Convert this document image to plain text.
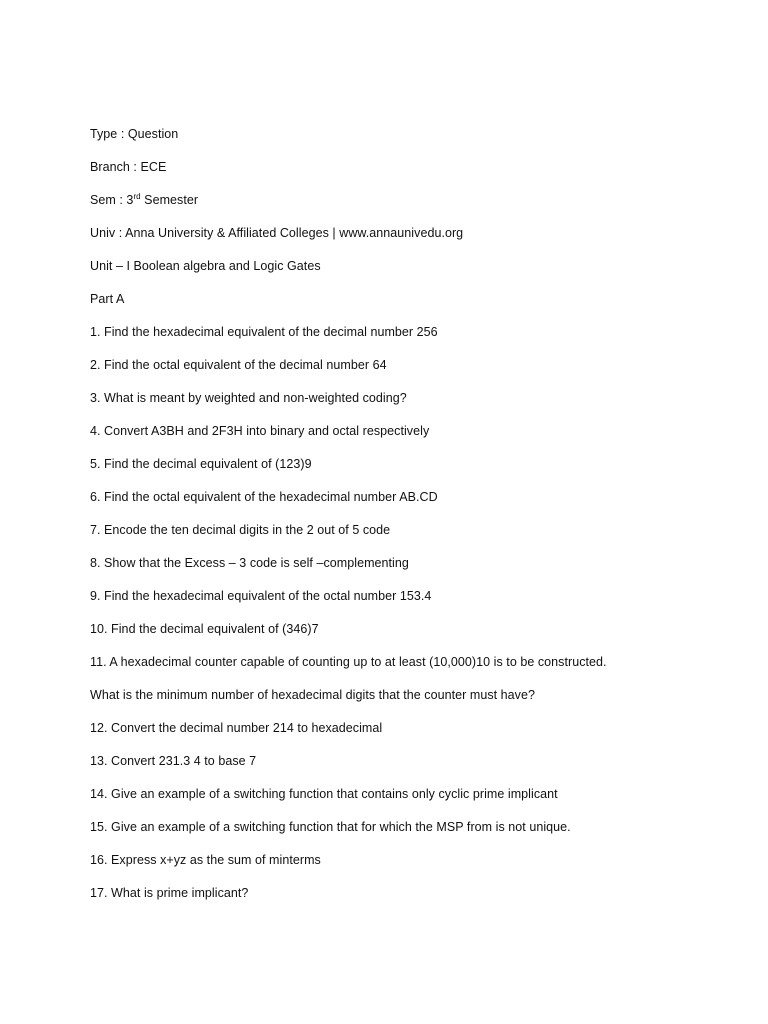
Type : Question
Branch : ECE
Sem : 3rd Semester
Univ : Anna University & Affiliated Colleges | www.annaunivedu.org
Unit – I Boolean algebra and Logic Gates
Part A
1. Find the hexadecimal equivalent of the decimal number 256
2. Find the octal equivalent of the decimal number 64
3. What is meant by weighted and non-weighted coding?
4. Convert A3BH and 2F3H into binary and octal respectively
5. Find the decimal equivalent of (123)9
6. Find the octal equivalent of the hexadecimal number AB.CD
7. Encode the ten decimal digits in the 2 out of 5 code
8. Show that the Excess – 3 code is self –complementing
9. Find the hexadecimal equivalent of the octal number 153.4
10. Find the decimal equivalent of (346)7
11. A hexadecimal counter capable of counting up to at least (10,000)10 is to be constructed.
What is the minimum number of hexadecimal digits that the counter must have?
12. Convert the decimal number 214 to hexadecimal
13. Convert 231.3 4 to base 7
14. Give an example of a switching function that contains only cyclic prime implicant
15. Give an example of a switching function that for which the MSP from is not unique.
16. Express x+yz as the sum of minterms
17. What is prime implicant?
